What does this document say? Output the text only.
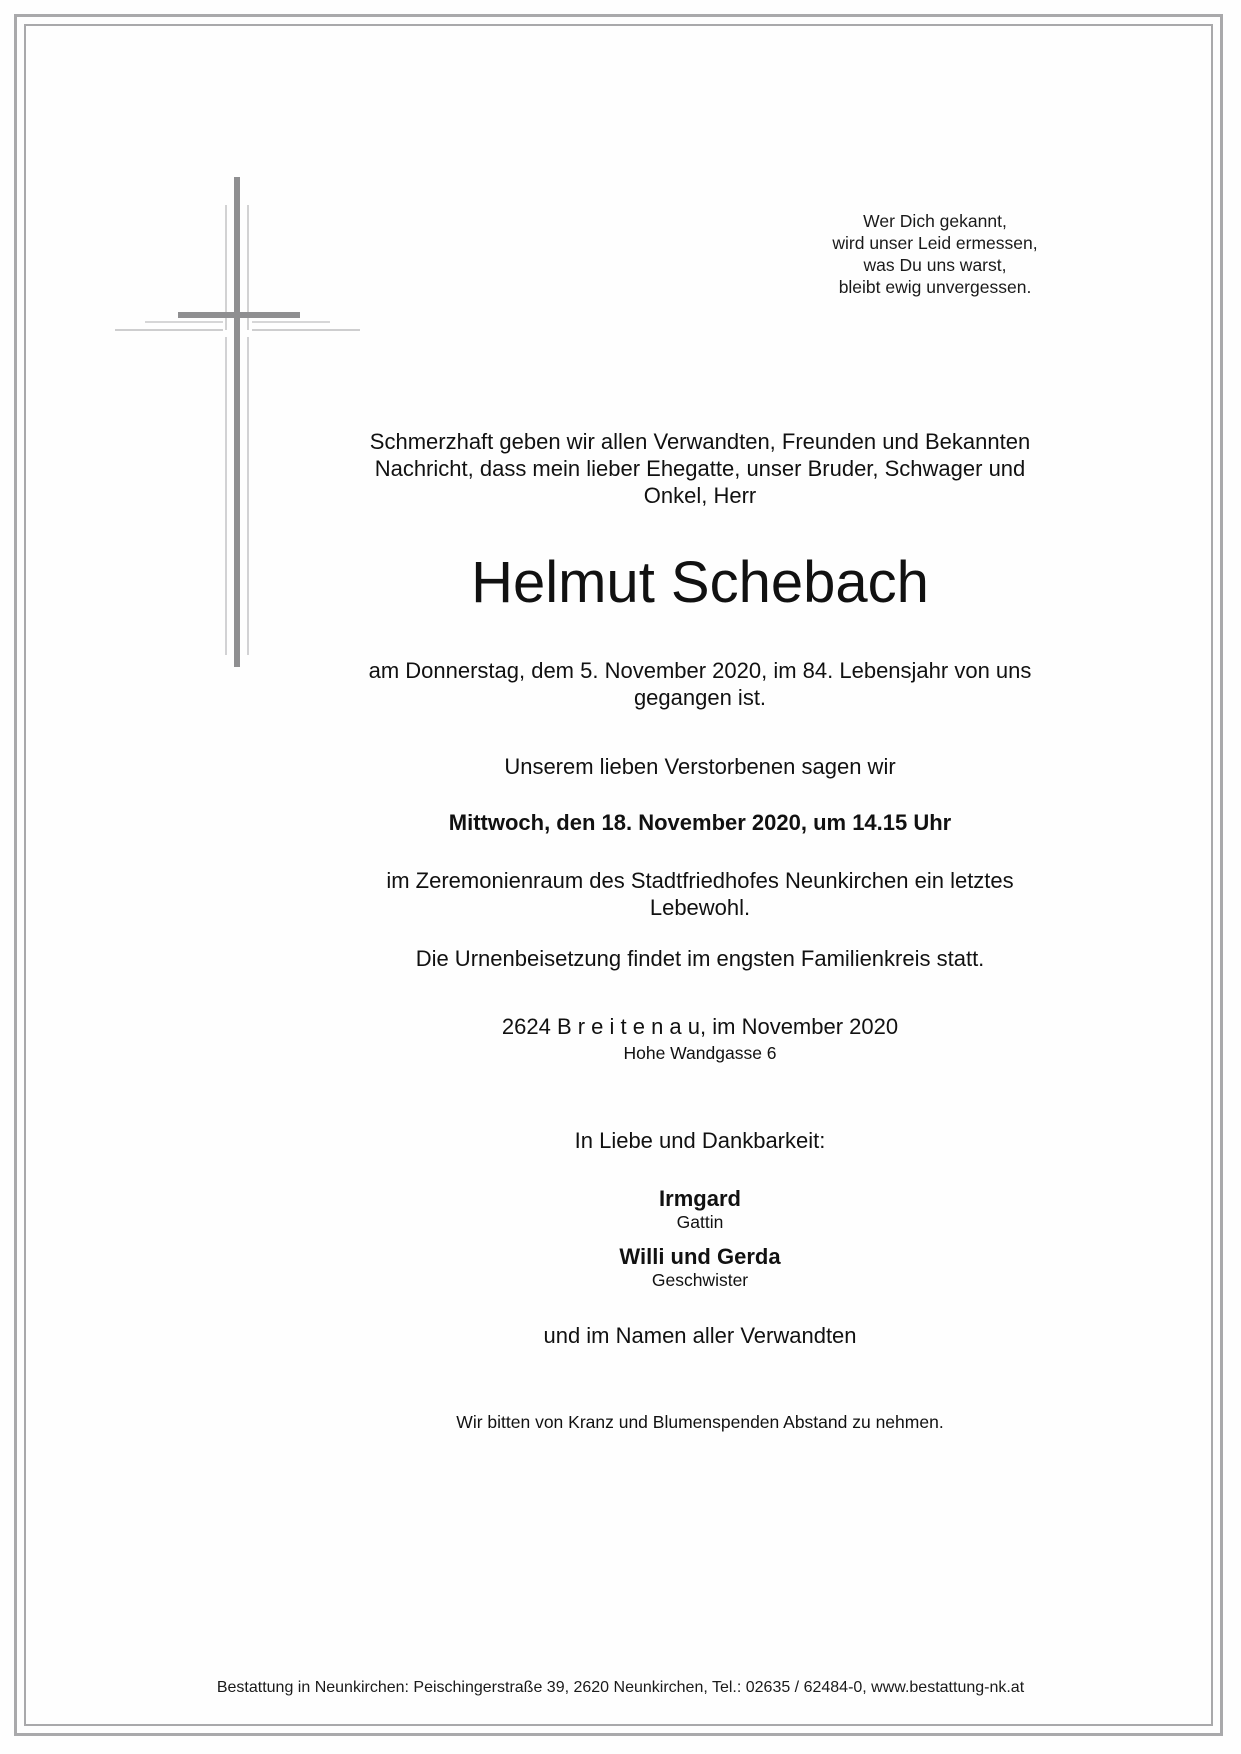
Wer Dich gekannt,
wird unser Leid ermessen,
was Du uns warst,
bleibt ewig unvergessen.
Schmerzhaft geben wir allen Verwandten, Freunden und Bekannten
Nachricht, dass mein lieber Ehegatte, unser Bruder, Schwager und
Onkel, Herr
Helmut Schebach
am Donnerstag, dem 5. November 2020, im 84. Lebensjahr von uns
gegangen ist.
Unserem lieben Verstorbenen sagen wir
Mittwoch, den 18. November 2020, um 14.15 Uhr
im Zeremonienraum des Stadtfriedhofes Neunkirchen ein letztes
Lebewohl.
Die Urnenbeisetzung findet im engsten Familienkreis statt.
2624 B r e i t e n a u, im November 2020
Hohe Wandgasse 6
In Liebe und Dankbarkeit:
Irmgard
Gattin
Willi und Gerda
Geschwister
und im Namen aller Verwandten
Wir bitten von Kranz und Blumenspenden Abstand zu nehmen.
Bestattung in Neunkirchen: Peischingerstraße 39, 2620 Neunkirchen, Tel.: 02635 / 62484-0, www.bestattung-nk.at
